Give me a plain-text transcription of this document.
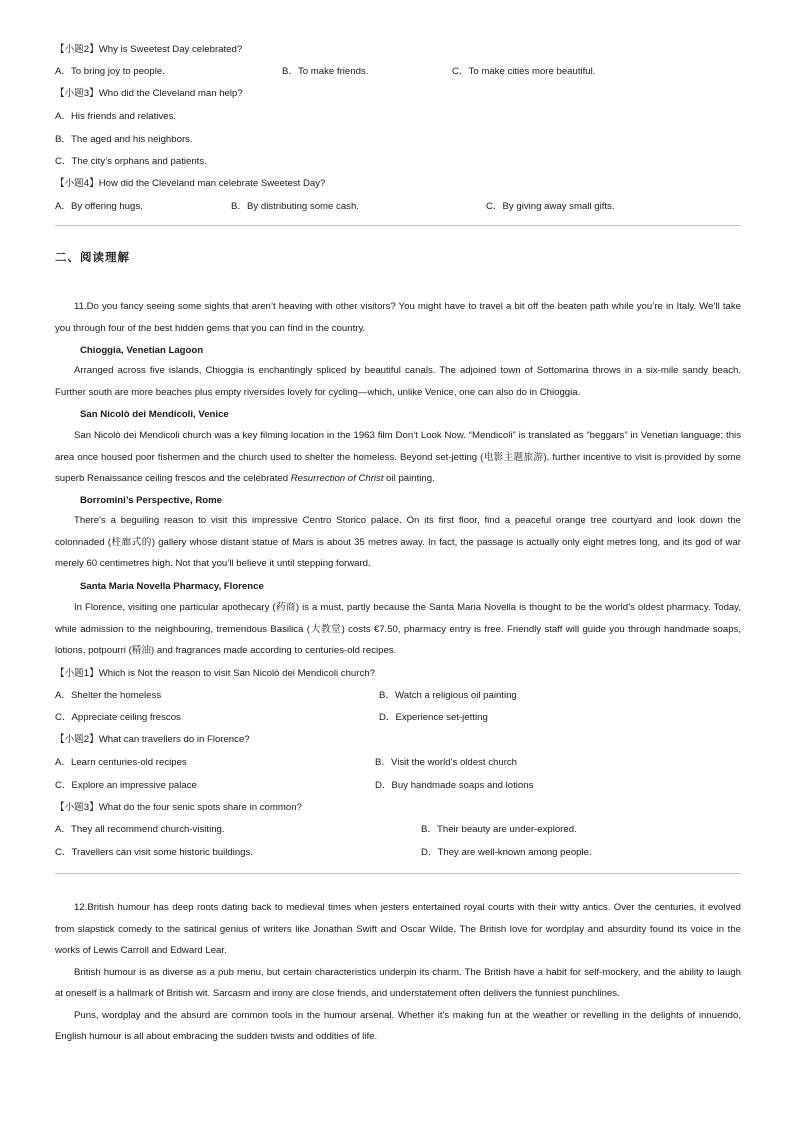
【小题2】Why is Sweetest Day celebrated?
A．To bring joy to people.	B．To make friends.	C．To make cities more beautiful.
【小题3】Who did the Cleveland man help?
A．His friends and relatives.
B．The aged and his neighbors.
C．The city’s orphans and patients.
【小题4】How did the Cleveland man celebrate Sweetest Day?
A．By offering hugs.	B．By distributing some cash.	C．By giving away small gifts.
二、阅读理解

11.Do you fancy seeing some sights that aren’t heaving with other visitors? You might have to travel a bit off the beaten path while you’re in Italy. We’ll take you through four of the best hidden gems that you can find in the country.

Chioggia, Venetian Lagoon

Arranged across five islands, Chioggia is enchantingly spliced by beautiful canals. The adjoined town of Sottomarina throws in a six-mile sandy beach. Further south are more beaches plus empty riversides lovely for cycling—which, unlike Venice, one can also do in Chioggia.

San Nicolò dei Mendicoli, Venice

San Nicolò dei Mendicoli church was a key filming location in the 1963 film Don’t Look Now. “Mendicoli” is translated as “beggars” in Venetian language; this area once housed poor fishermen and the church used to shelter the homeless. Beyond set-jetting (电影主题旅游), further incentive to visit is provided by some superb Renaissance ceiling frescos and the celebrated Resurrection of Christ oil painting.

Borromini’s Perspective, Rome

There’s a beguiling reason to visit this impressive Centro Storico palace. On its first floor, find a peaceful orange tree courtyard and look down the colonnaded (柱廊式的) gallery whose distant statue of Mars is about 35 metres away. In fact, the passage is actually only eight metres long, and its god of war merely 60 centimetres high. Not that you’ll believe it until stepping forward.

Santa Maria Novella Pharmacy, Florence

In Florence, visiting one particular apothecary (药商) is a must, partly because the Santa Maria Novella is thought to be the world’s oldest pharmacy. Today, while admission to the neighbouring, tremendous Basilica (大教堂) costs €7.50, pharmacy entry is free. Friendly staff will guide you through handmade soaps, lotions, potpourri (精油) and fragrances made according to centuries-old recipes.

【小题1】Which is Not the reason to visit San Nicolò dei Mendicoli church?
A．Shelter the homeless	B．Watch a religious oil painting
C．Appreciate ceiling frescos	D．Experience set-jetting
【小题2】What can travellers do in Florence?
A．Learn centuries-old recipes	B．Visit the world’s oldest church
C．Explore an impressive palace	D．Buy handmade soaps and lotions
【小题3】What do the four senic spots share in common?
A．They all recommend church-visiting.	B．Their beauty are under-explored.
C．Travellers can visit some historic buildings.	D．They are well-known among people.

12.British humour has deep roots dating back to medieval times when jesters entertained royal courts with their witty antics. Over the centuries, it evolved from slapstick comedy to the satirical genius of writers like Jonathan Swift and Oscar Wilde. The British love for wordplay and absurdity found its voice in the works of Lewis Carroll and Edward Lear.

British humour is as diverse as a pub menu, but certain characteristics underpin its charm. The British have a habit for self-mockery, and the ability to laugh at oneself is a hallmark of British wit. Sarcasm and irony are close friends, and understatement often delivers the funniest punchlines.

Puns, wordplay and the absurd are common tools in the humour arsenal. Whether it's making fun at the weather or revelling in the delights of innuendo, English humour is all about embracing the sudden twists and oddities of life.
